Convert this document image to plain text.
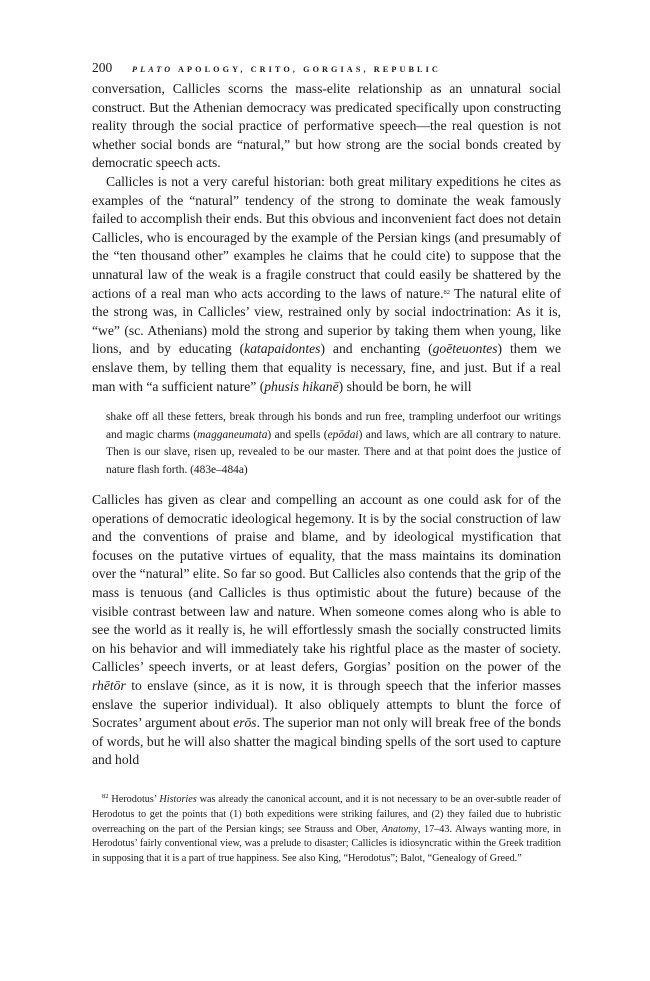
200 PLATO APOLOGY, CRITO, GORGIAS, REPUBLIC

conversation, Callicles scorns the mass-elite relationship as an unnatural social construct. But the Athenian democracy was predicated specifically upon constructing reality through the social practice of performative speech—the real question is not whether social bonds are “natural,” but how strong are the social bonds created by democratic speech acts.

Callicles is not a very careful historian: both great military expeditions he cites as examples of the “natural” tendency of the strong to dominate the weak famously failed to accomplish their ends. But this obvious and inconvenient fact does not detain Callicles, who is encouraged by the example of the Persian kings (and presumably of the “ten thousand other” examples he claims that he could cite) to suppose that the unnatural law of the weak is a fragile construct that could easily be shattered by the actions of a real man who acts according to the laws of nature.$^{82}$ The natural elite of the strong was, in Callicles’ view, restrained only by social indoctrination: As it is, “we” (sc. Athenians) mold the strong and superior by taking them when young, like lions, and by educating (katapaidontes) and enchanting (goēteuontes) them we enslave them, by telling them that equality is necessary, fine, and just. But if a real man with “a sufficient nature” (phusis hikanē) should be born, he will

shake off all these fetters, break through his bonds and run free, trampling underfoot our writings and magic charms (magganeumata) and spells (epōdai) and laws, which are all contrary to nature. Then is our slave, risen up, revealed to be our master. There and at that point does the justice of nature flash forth. (483e–484a)

Callicles has given as clear and compelling an account as one could ask for of the operations of democratic ideological hegemony. It is by the social construction of law and the conventions of praise and blame, and by ideological mystification that focuses on the putative virtues of equality, that the mass maintains its domination over the “natural” elite. So far so good. But Callicles also contends that the grip of the mass is tenuous (and Callicles is thus optimistic about the future) because of the visible contrast between law and nature. When someone comes along who is able to see the world as it really is, he will effortlessly smash the socially constructed limits on his behavior and will immediately take his rightful place as the master of society. Callicles’ speech inverts, or at least defers, Gorgias’ position on the power of the rhētōr to enslave (since, as it is now, it is through speech that the inferior masses enslave the superior individual). It also obliquely attempts to blunt the force of Socrates’ argument about erōs. The superior man not only will break free of the bonds of words, but he will also shatter the magical binding spells of the sort used to capture and hold

$^{82}$ Herodotus’ Histories was already the canonical account, and it is not necessary to be an over-subtle reader of Herodotus to get the points that (1) both expeditions were striking failures, and (2) they failed due to hubristic overreaching on the part of the Persian kings; see Strauss and Ober, Anatomy, 17–43. Always wanting more, in Herodotus’ fairly conventional view, was a prelude to disaster; Callicles is idiosyncratic within the Greek tradition in supposing that it is a part of true happiness. See also King, “Herodotus”; Balot, “Genealogy of Greed.”
